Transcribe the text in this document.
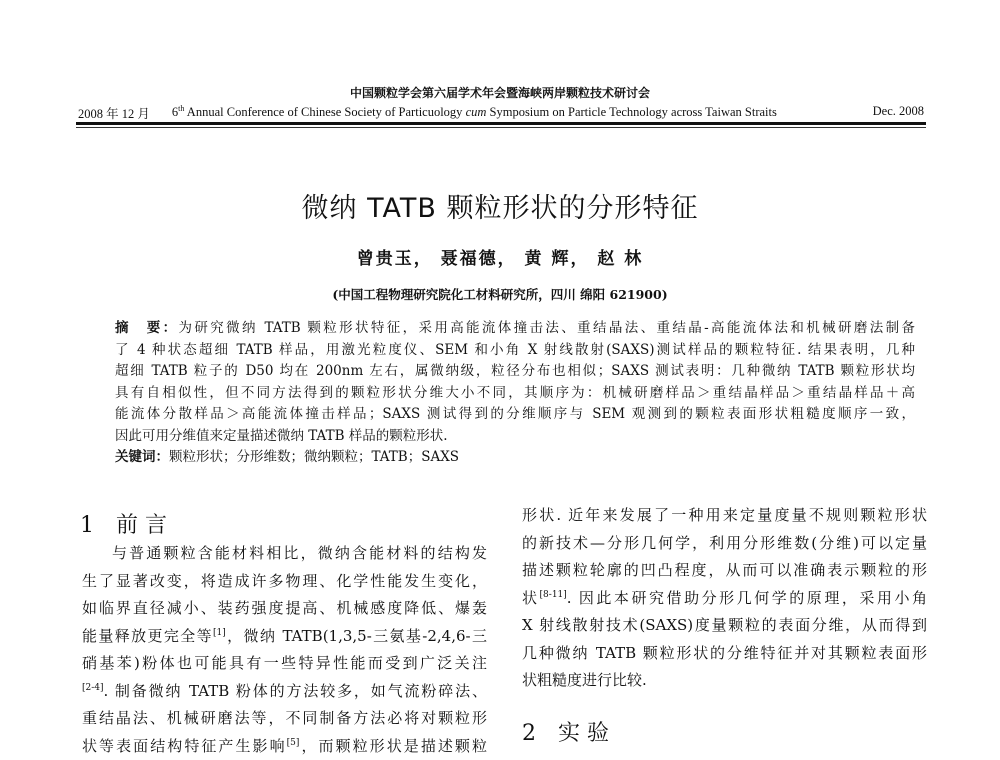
中国颗粒学会第六届学术年会暨海峡两岸颗粒技术研讨会
2008 年 12 月 6th Annual Conference of Chinese Society of Particuology cum Symposium on Particle Technology across Taiwan Straits	Dec. 2008
微纳 TATB 颗粒形状的分形特征
曾贵玉， 聂福德， 黄 辉， 赵 林
(中国工程物理研究院化工材料研究所，四川 绵阳 621900)
摘　要：为研究微纳 TATB 颗粒形状特征，采用高能流体撞击法、重结晶法、重结晶-高能流体法和机械研磨法制备
了 4 种状态超细 TATB 样品，用激光粒度仪、SEM 和小角 X 射线散射(SAXS)测试样品的颗粒特征. 结果表明，几种
超细 TATB 粒子的 D50 均在 200nm 左右，属微纳级，粒径分布也相似；SAXS 测试表明：几种微纳 TATB 颗粒形状均
具有自相似性，但不同方法得到的颗粒形状分维大小不同，其顺序为：机械研磨样品＞重结晶样品＞重结晶样品＋高
能流体分散样品＞高能流体撞击样品；SAXS 测试得到的分维顺序与 SEM 观测到的颗粒表面形状粗糙度顺序一致，
因此可用分维值来定量描述微纳 TATB 样品的颗粒形状.
关键词：颗粒形状；分形维数；微纳颗粒；TATB；SAXS
1 前 言
与普通颗粒含能材料相比，微纳含能材料的结构发
生了显著改变，将造成许多物理、化学性能发生变化，
如临界直径减小、装药强度提高、机械感度降低、爆轰
能量释放更完全等[1]，微纳 TATB(1,3,5-三氨基-2,4,6-三
硝基苯)粉体也可能具有一些特异性能而受到广泛关注
[2-4]. 制备微纳 TATB 粉体的方法较多，如气流粉碎法、
重结晶法、机械研磨法等，不同制备方法必将对颗粒形
状等表面结构特征产生影响[5]，而颗粒形状是描述颗粒
形状. 近年来发展了一种用来定量度量不规则颗粒形状
的新技术—分形几何学，利用分形维数(分维)可以定量
描述颗粒轮廓的凹凸程度，从而可以准确表示颗粒的形
状[8-11]. 因此本研究借助分形几何学的原理，采用小角
X 射线散射技术(SAXS)度量颗粒的表面分维，从而得到
几种微纳 TATB 颗粒形状的分维特征并对其颗粒表面形
状粗糙度进行比较.
2 实 验
